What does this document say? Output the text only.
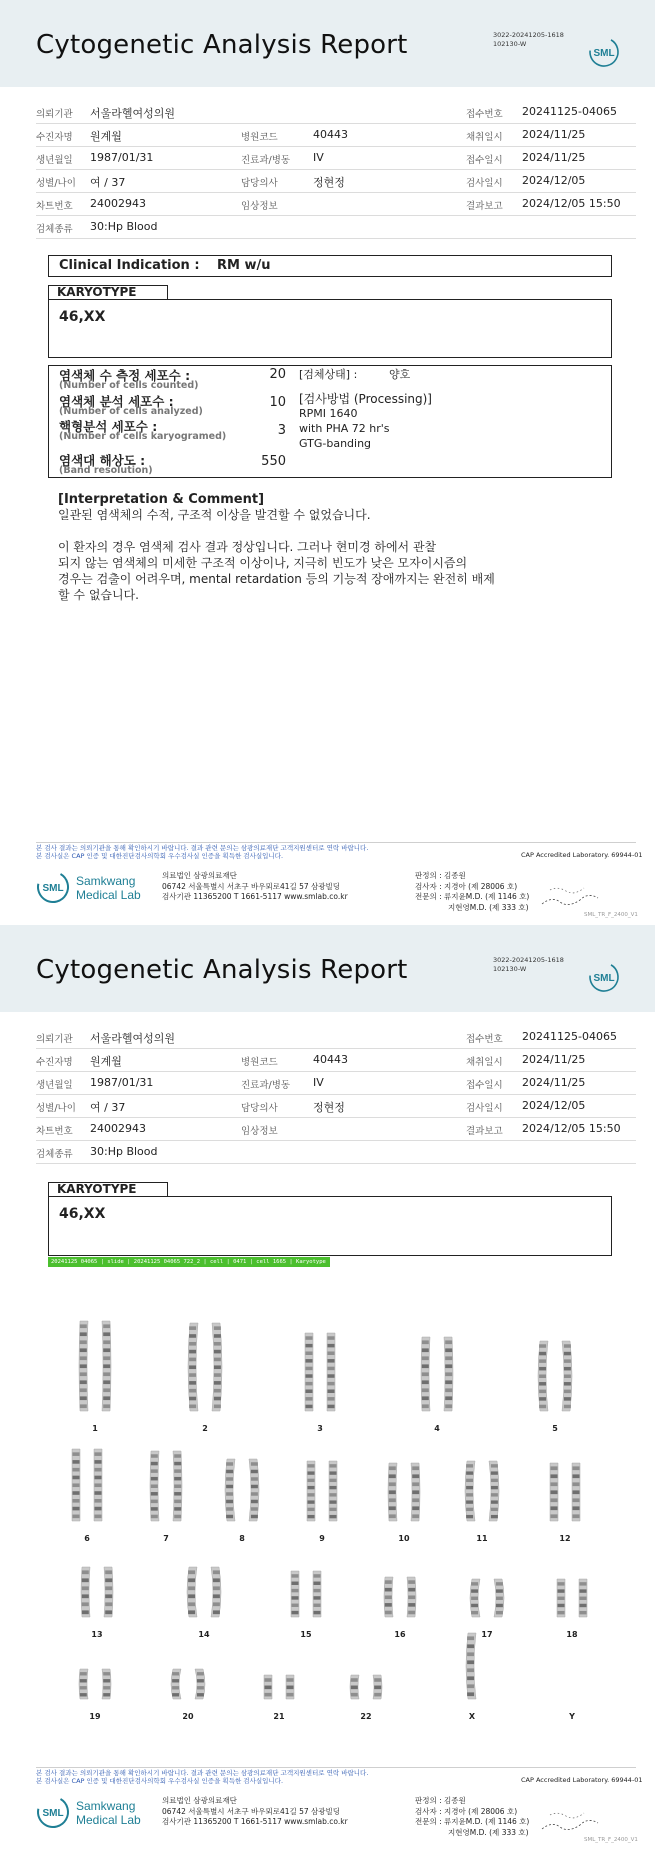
Cytogenetic Analysis Report	3022-20241205-1618
102130-W
SML
의뢰기관 서울라헬여성의원	접수번호 20241125-04065
수진자명 원계월	병원코드	40443	채취일시 2024/11/25
생년월일 1987/01/31	진료과/병동 IV	접수일시 2024/11/25
성별/나이 여 / 37	담당의사	정현정	검사일시 2024/12/05
차트번호 24002943	임상정보	결과보고 2024/12/05 15:50
검체종류 30:Hp Blood
Clinical Indication : RM w/u
KARYOTYPE
46,XX
염색체 수 측정 세포수 :
(Number of cells counted)
20
염색체 분석 세포수 :
(Number of cells analyzed)
10
핵형분석 세포수 :
(Number of cells karyogramed)	3
염색대 해상도 :
(Band resolution)
550
[검체상태] :	양호
[검사방법 (Processing)]
RPMI 1640
with PHA 72 hr's
GTG-banding
[Interpretation & Comment]
일관된 염색체의 수적, 구조적 이상을 발견할 수 없었습니다.
이 환자의 경우 염색체 검사 결과 정상입니다. 그러나 현미경 하에서 관찰
되지 않는 염색체의 미세한 구조적 이상이나, 지극히 빈도가 낮은 모자이시즘의
경우는 검출이 어려우며, mental retardation 등의 기능적 장애까지는 완전히 배제
할 수 없습니다.
본 검사 결과는 의뢰기관을 통해 확인하시기 바랍니다. 결과 관련 문의는 삼광의료재단 고객지원센터로 연락 바랍니다.
본 검사실은 CAP 인증 및 대한진단검사의학회 우수검사실 인증을 획득한 검사실입니다.	CAP Accredited Laboratory. 69944-01
SML
Samkwang
Medical Lab
의료법인 삼광의료재단
06742 서울특별시 서초구 바우뫼로41길 57 삼광빌딩
검사기관 11365200 T 1661-5117 www.smlab.co.kr
판정의 : 김종원
검사자 : 지경아 (제 28006 호)
전문의 : 류지윤M.D. (제 1146 호)
지현영M.D. (제 333 호)
SML_TR_F_2400_V1
Cytogenetic Analysis Report	3022-20241205-1618
102130-W
SML
의뢰기관 서울라헬여성의원	접수번호 20241125-04065
수진자명 원계월	병원코드	40443	채취일시 2024/11/25
생년월일 1987/01/31	진료과/병동 IV	접수일시 2024/11/25
성별/나이 여 / 37	담당의사	정현정	검사일시 2024/12/05
차트번호 24002943	임상정보	결과보고 2024/12/05 15:50
검체종류 30:Hp Blood
KARYOTYPE
46,XX
20241125 04065 | slide | 20241125 04065 722_2 | cell | 0471 | cell 1665 | Karyotype (1256 x 920)
본 검사 결과는 의뢰기관을 통해 확인하시기 바랍니다. 결과 관련 문의는 삼광의료재단 고객지원센터로 연락 바랍니다.
본 검사실은 CAP 인증 및 대한진단검사의학회 우수검사실 인증을 획득한 검사실입니다.	CAP Accredited Laboratory. 69944-01
SML
Samkwang
Medical Lab
의료법인 삼광의료재단
06742 서울특별시 서초구 바우뫼로41길 57 삼광빌딩
검사기관 11365200 T 1661-5117 www.smlab.co.kr
판정의 : 김종원
검사자 : 지경아 (제 28006 호)
전문의 : 류지윤M.D. (제 1146 호)
지현영M.D. (제 333 호)
SML_TR_F_2400_V1
1	2	3	4	5
6	7	8	9	10	11	12
13	14	15	16	17	18
19	20	21	22	X	Y
